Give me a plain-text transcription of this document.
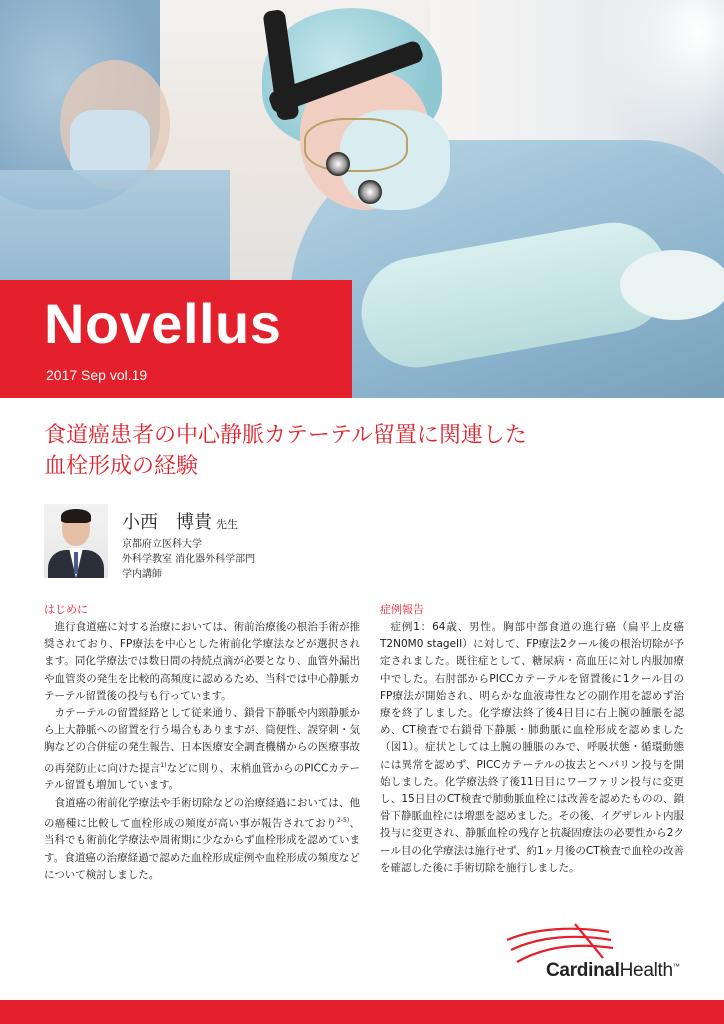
Novellus
2017 Sep vol.19
食道癌患者の中心静脈カテーテル留置に関連した
血栓形成の経験
小西　博貴 先生
京都府立医科大学
外科学教室 消化器外科学部門
学内講師
はじめに

進行食道癌に対する治療においては、術前治療後の根治手術が推奨されており、FP療法を中心とした術前化学療法などが選択されます。同化学療法では数日間の持続点滴が必要となり、血管外漏出や血管炎の発生を比較的高頻度に認めるため、当科では中心静脈カテーテル留置後の投与も行っています。

カテーテルの留置経路として従来通り、鎖骨下静脈や内頸静脈から上大静脈への留置を行う場合もありますが、筒便性、誤穿刺・気胸などの合併症の発生報告、日本医療安全調査機構からの医療事故の再発防止に向けた提言$^{1)}$などに則り、末梢血管からのPICCカテーテル留置も増加しています。

食道癌の術前化学療法や手術切除などの治療経過においては、他の癌種に比較して血栓形成の頻度が高い事が報告されており$^{2-5)}$、当科でも術前化学療法や周術期に少なからず血栓形成を認めています。食道癌の治療経過で認めた血栓形成症例や血栓形成の頻度などについて検討しました。

症例報告

症例1：64歳、男性。胸部中部食道の進行癌（扁平上皮癌T2N0M0 stageII）に対して、FP療法2クール後の根治切除が予定されました。既往症として、糖尿病・高血圧に対し内服加療中でした。右肘部からPICCカテーテルを留置後に1クール目のFP療法が開始され、明らかな血液毒性などの副作用を認めず治療を終了しました。化学療法終了後4日目に右上腕の腫脹を認め、CT検査で右鎖骨下静脈・肺動脈に血栓形成を認めました（図1）。症状としては上腕の腫脹のみで、呼吸状態・循環動態には異常を認めず、PICCカテーテルの抜去とヘパリン投与を開始しました。化学療法終了後11日目にワーファリン投与に変更し、15日目のCT検査で肺動脈血栓には改善を認めたものの、鎖骨下静脈血栓には増悪を認めました。その後、イグザレルト内服投与に変更され、静脈血栓の残存と抗凝固療法の必要性から2クール目の化学療法は施行せず、約1ヶ月後のCT検査で血栓の改善を確認した後に手術切除を施行しました。

CardinalHealth™
